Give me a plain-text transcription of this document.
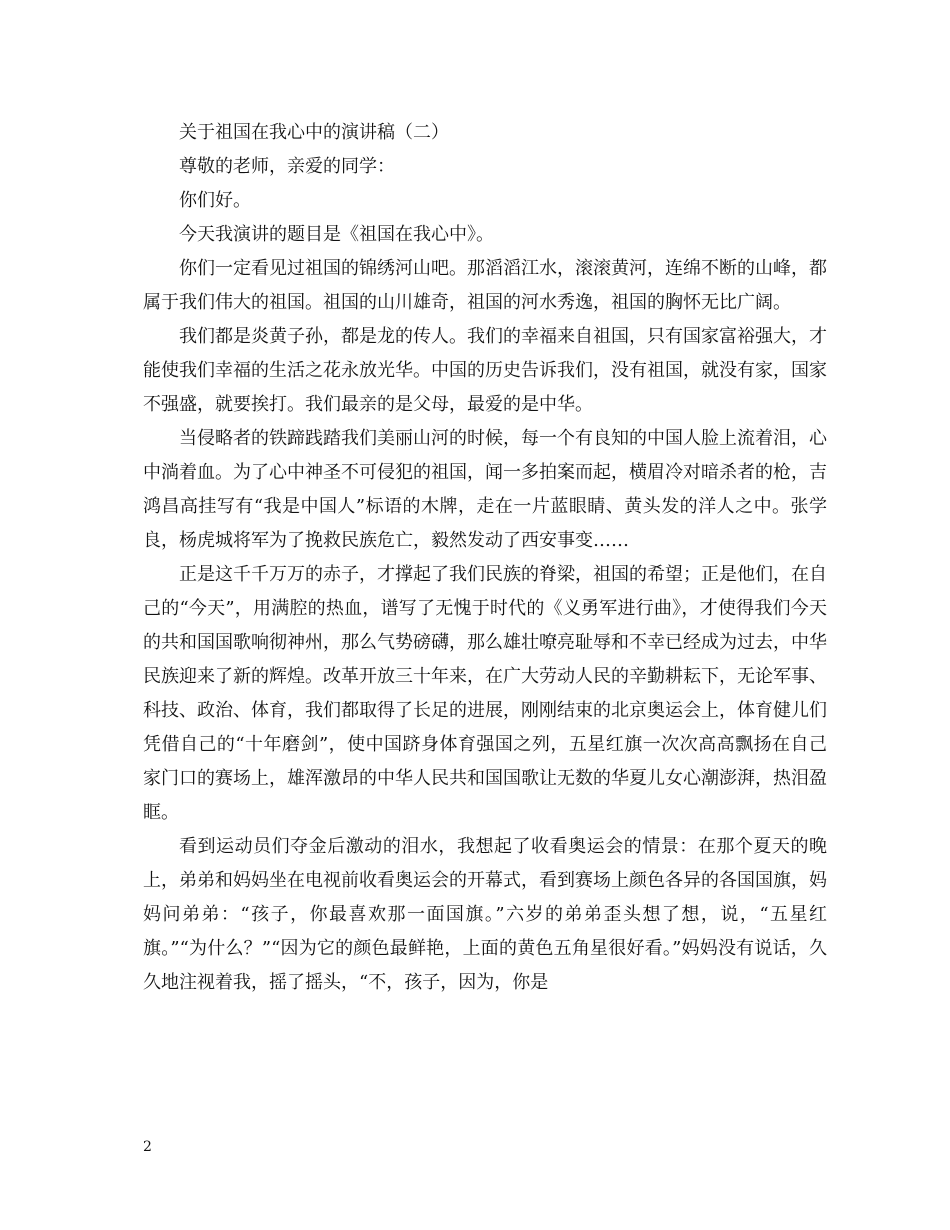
关于祖国在我心中的演讲稿（二）

尊敬的老师，亲爱的同学：

你们好。

今天我演讲的题目是《祖国在我心中》。

你们一定看见过祖国的锦绣河山吧。那滔滔江水，滚滚黄河，连绵不断的山峰，都属于我们伟大的祖国。祖国的山川雄奇，祖国的河水秀逸，祖国的胸怀无比广阔。

我们都是炎黄子孙，都是龙的传人。我们的幸福来自祖国，只有国家富裕强大，才能使我们幸福的生活之花永放光华。中国的历史告诉我们，没有祖国，就没有家，国家不强盛，就要挨打。我们最亲的是父母，最爱的是中华。

当侵略者的铁蹄践踏我们美丽山河的时候，每一个有良知的中国人脸上流着泪，心中淌着血。为了心中神圣不可侵犯的祖国，闻一多拍案而起，横眉冷对暗杀者的枪，吉鸿昌高挂写有“我是中国人”标语的木牌，走在一片蓝眼睛、黄头发的洋人之中。张学良，杨虎城将军为了挽救民族危亡，毅然发动了西安事变……

正是这千千万万的赤子，才撑起了我们民族的脊梁，祖国的希望；正是他们，在自己的“今天”，用满腔的热血，谱写了无愧于时代的《义勇军进行曲》，才使得我们今天的共和国国歌响彻神州，那么气势磅礴，那么雄壮嘹亮耻辱和不幸已经成为过去，中华民族迎来了新的辉煌。改革开放三十年来，在广大劳动人民的辛勤耕耘下，无论军事、科技、政治、体育，我们都取得了长足的进展，刚刚结束的北京奥运会上，体育健儿们凭借自己的“十年磨剑”，使中国跻身体育强国之列，五星红旗一次次高高飘扬在自己家门口的赛场上，雄浑激昂的中华人民共和国国歌让无数的华夏儿女心潮澎湃，热泪盈眶。

看到运动员们夺金后激动的泪水，我想起了收看奥运会的情景：在那个夏天的晚上，弟弟和妈妈坐在电视前收看奥运会的开幕式，看到赛场上颜色各异的各国国旗，妈妈问弟弟：“孩子，你最喜欢那一面国旗。”六岁的弟弟歪头想了想，说，“五星红旗。”“为什么？”“因为它的颜色最鲜艳，上面的黄色五角星很好看。”妈妈没有说话，久久地注视着我，摇了摇头，“不，孩子，因为，你是

2
